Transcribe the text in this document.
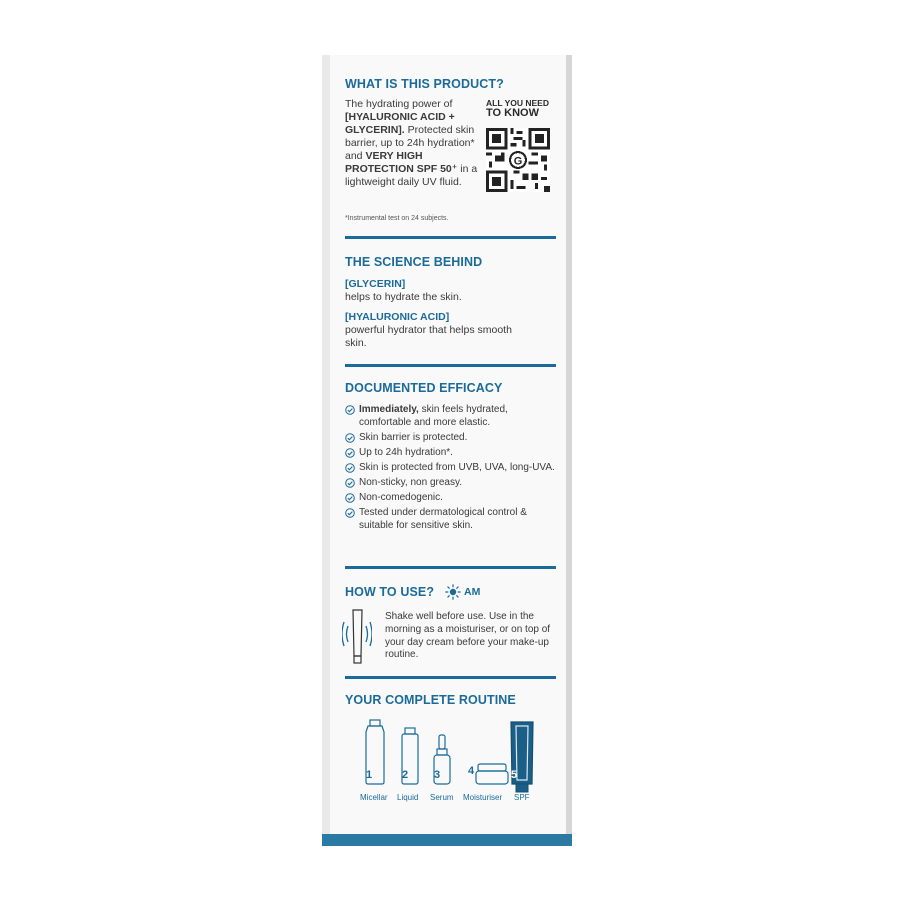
WHAT IS THIS PRODUCT?
The hydrating power of [HYALURONIC ACID + GLYCERIN]. Protected skin barrier, up to 24h hydration* and VERY HIGH PROTECTION SPF 50⁺ in a lightweight daily UV fluid.
*Instrumental test on 24 subjects.
ALL YOU NEED
TO KNOW
G
THE SCIENCE BEHIND
[GLYCERIN]
helps to hydrate the skin.
[HYALURONIC ACID]
powerful hydrator that helps smooth skin.
DOCUMENTED EFFICACY
Immediately, skin feels hydrated, comfortable and more elastic.
Skin barrier is protected.
Up to 24h hydration*.
Skin is protected from UVB, UVA, long-UVA.
Non-sticky, non greasy.
Non-comedogenic.
Tested under dermatological control & suitable for sensitive skin.
HOW TO USE?	AM
Shake well before use. Use in the morning as a moisturiser, or on top of your day cream before your make-up routine.
YOUR COMPLETE ROUTINE
1	2 3	4	5
Micellar Liquid Serum Moisturiser SPF
